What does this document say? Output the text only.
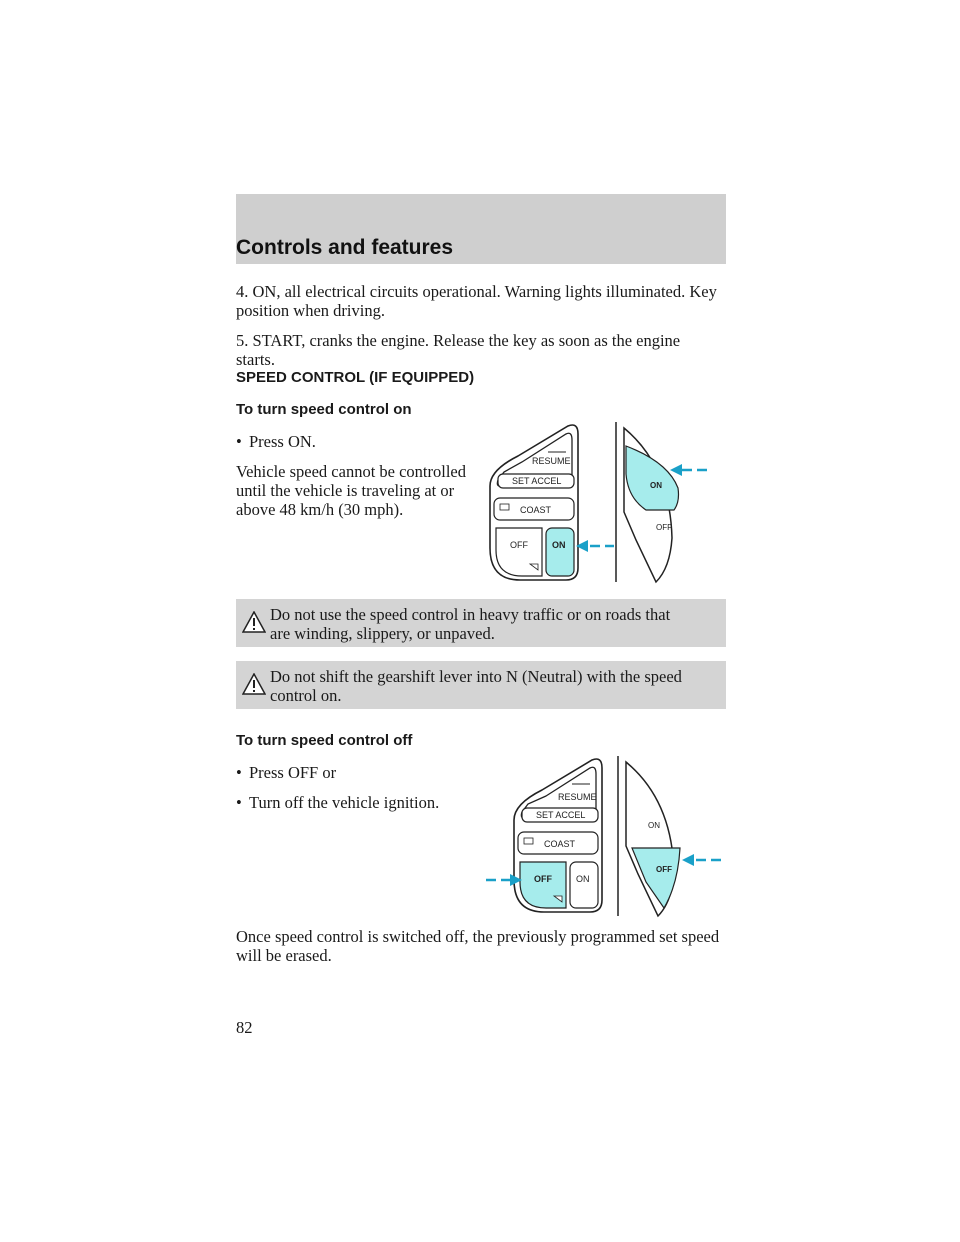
Controls and features

4. ON, all electrical circuits operational. Warning lights illuminated. Key
position when driving.

5. START, cranks the engine. Release the key as soon as the engine
starts.

SPEED CONTROL (IF EQUIPPED)

To turn speed control on

• Press ON.

Vehicle speed cannot be controlled
until the vehicle is traveling at or
above 48 km/h (30 mph).

RESUME
SET ACCEL
COAST
OFF	ON
ON
OFF
Do not use the speed control in heavy traffic or on roads that
are winding, slippery, or unpaved.
Do not shift the gearshift lever into N (Neutral) with the speed
control on.

To turn speed control off

• Press OFF or
• Turn off the vehicle ignition.	RESUME
SET ACCEL
COAST
OFF	ON
ON
OFF

Once speed control is switched off, the previously programmed set speed
will be erased.

82
